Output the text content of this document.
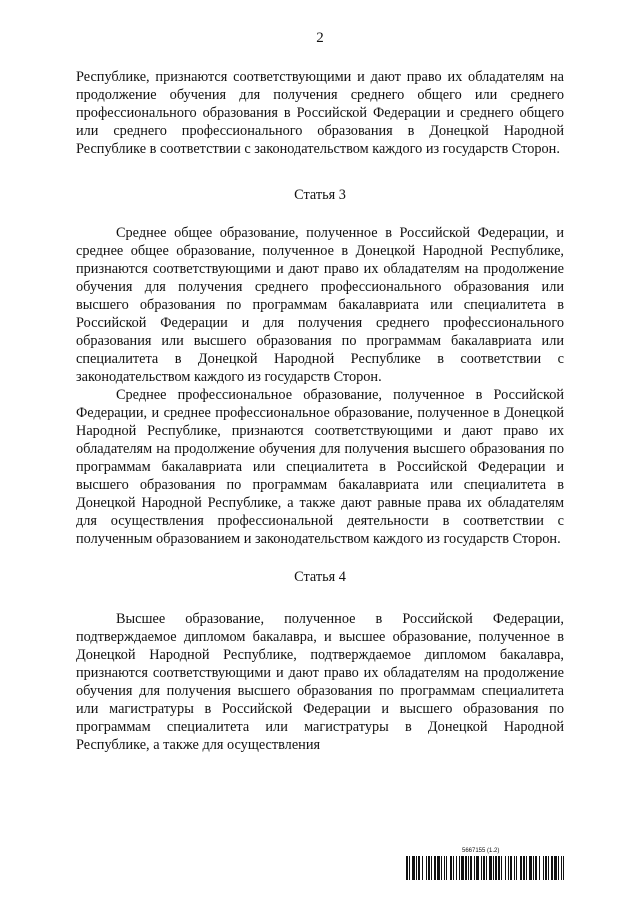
2

Республике, признаются соответствующими и дают право их обладателям на продолжение обучения для получения среднего общего или среднего профессионального образования в Российской Федерации и среднего общего или среднего профессионального образования в Донецкой Народной Республике в соответствии с законодательством каждого из государств Сторон.

Статья 3

Среднее общее образование, полученное в Российской Федерации, и среднее общее образование, полученное в Донецкой Народной Республике, признаются соответствующими и дают право их обладателям на продолжение обучения для получения среднего профессионального образования или высшего образования по программам бакалавриата или специалитета в Российской Федерации и для получения среднего профессионального образования или высшего образования по программам бакалавриата или специалитета в Донецкой Народной Республике в соответствии с законодательством каждого из государств Сторон.

Среднее профессиональное образование, полученное в Российской Федерации, и среднее профессиональное образование, полученное в Донецкой Народной Республике, признаются соответствующими и дают право их обладателям на продолжение обучения для получения высшего образования по программам бакалавриата или специалитета в Российской Федерации и высшего образования по программам бакалавриата или специалитета в Донецкой Народной Республике, а также дают равные права их обладателям для осуществления профессиональной деятельности в соответствии с полученным образованием и законодательством каждого из государств Сторон.

Статья 4

Высшее образование, полученное в Российской Федерации, подтверждаемое дипломом бакалавра, и высшее образование, полученное в Донецкой Народной Республике, подтверждаемое дипломом бакалавра, признаются соответствующими и дают право их обладателям на продолжение обучения для получения высшего образования по программам специалитета или магистратуры в Российской Федерации и высшего образования по программам специалитета или магистратуры в Донецкой Народной Республике, а также для осуществления

5667155 (1.2)
